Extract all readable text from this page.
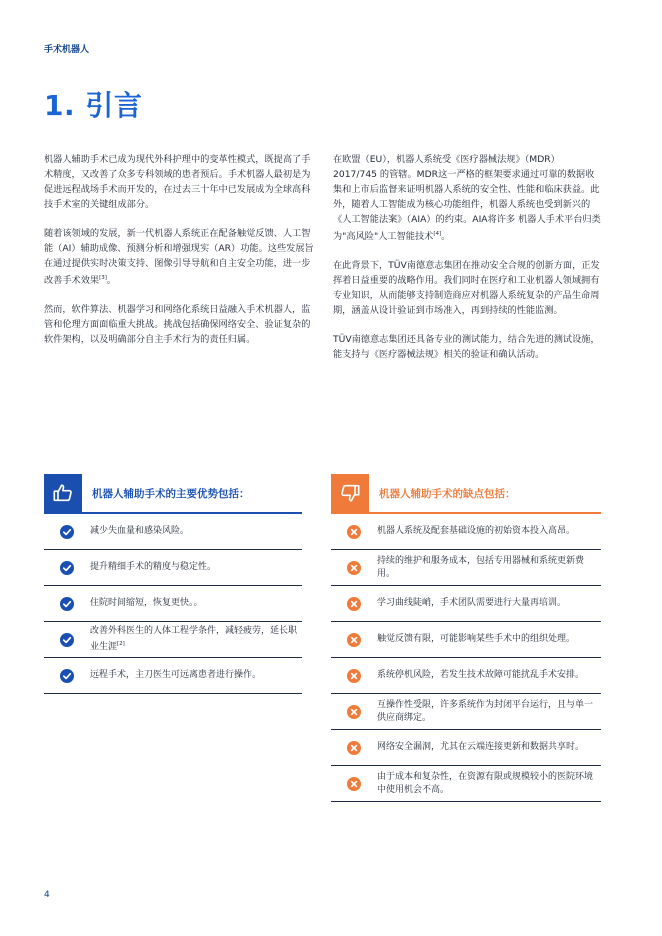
手术机器人
1. 引言

机器人辅助手术已成为现代外科护理中的变革性模式，既提高了手术精度，又改善了众多专科领域的患者预后。手术机器人最初是为促进远程战场手术而开发的，在过去三十年中已发展成为全球高科技手术室的关键组成部分。

随着该领域的发展，新一代机器人系统正在配备触觉反馈、人工智能（AI）辅助成像、预测分析和增强现实（AR）功能。这些发展旨在通过提供实时决策支持、图像引导导航和自主安全功能，进一步改善手术效果[3]。

然而，软件算法、机器学习和网络化系统日益融入手术机器人，监管和伦理方面面临重大挑战。挑战包括确保网络安全、验证复杂的软件架构，以及明确部分自主手术行为的责任归属。

在欧盟（EU），机器人系统受《医疗器械法规》（MDR）2017/745 的管辖。MDR这一严格的框架要求通过可靠的数据收集和上市后监督来证明机器人系统的安全性、性能和临床获益。此外，随着人工智能成为核心功能组件，机器人系统也受到新兴的《人工智能法案》（AIA）的约束。AIA将许多 机器人手术平台归类为"高风险"人工智能技术[4]。

在此背景下，TÜV南德意志集团在推动安全合规的创新方面，正发挥着日益重要的战略作用。我们同时在医疗和工业机器人领域拥有专业知识，从而能够支持制造商应对机器人系统复杂的产品生命周期，涵盖从设计验证到市场准入，再到持续的性能监测。

TÜV南德意志集团还具备专业的测试能力，结合先进的测试设施，能支持与《医疗器械法规》相关的验证和确认活动。

机器人辅助手术的主要优势包括：
减少失血量和感染风险。
提升精细手术的精度与稳定性。
住院时间缩短，恢复更快。。
改善外科医生的人体工程学条件，减轻疲劳，延长职业生涯[2]
远程手术，主刀医生可远离患者进行操作。
机器人辅助手术的缺点包括：
机器人系统及配套基础设施的初始资本投入高昂。
持续的维护和服务成本，包括专用器械和系统更新费用。
学习曲线陡峭，手术团队需要进行大量再培训。
触觉反馈有限，可能影响某些手术中的组织处理。
系统停机风险，若发生技术故障可能扰乱手术安排。
互操作性受限，许多系统作为封闭平台运行，且与单一供应商绑定。
网络安全漏洞，尤其在云端连接更新和数据共享时。
由于成本和复杂性，在资源有限或规模较小的医院环境中使用机会不高。
4
